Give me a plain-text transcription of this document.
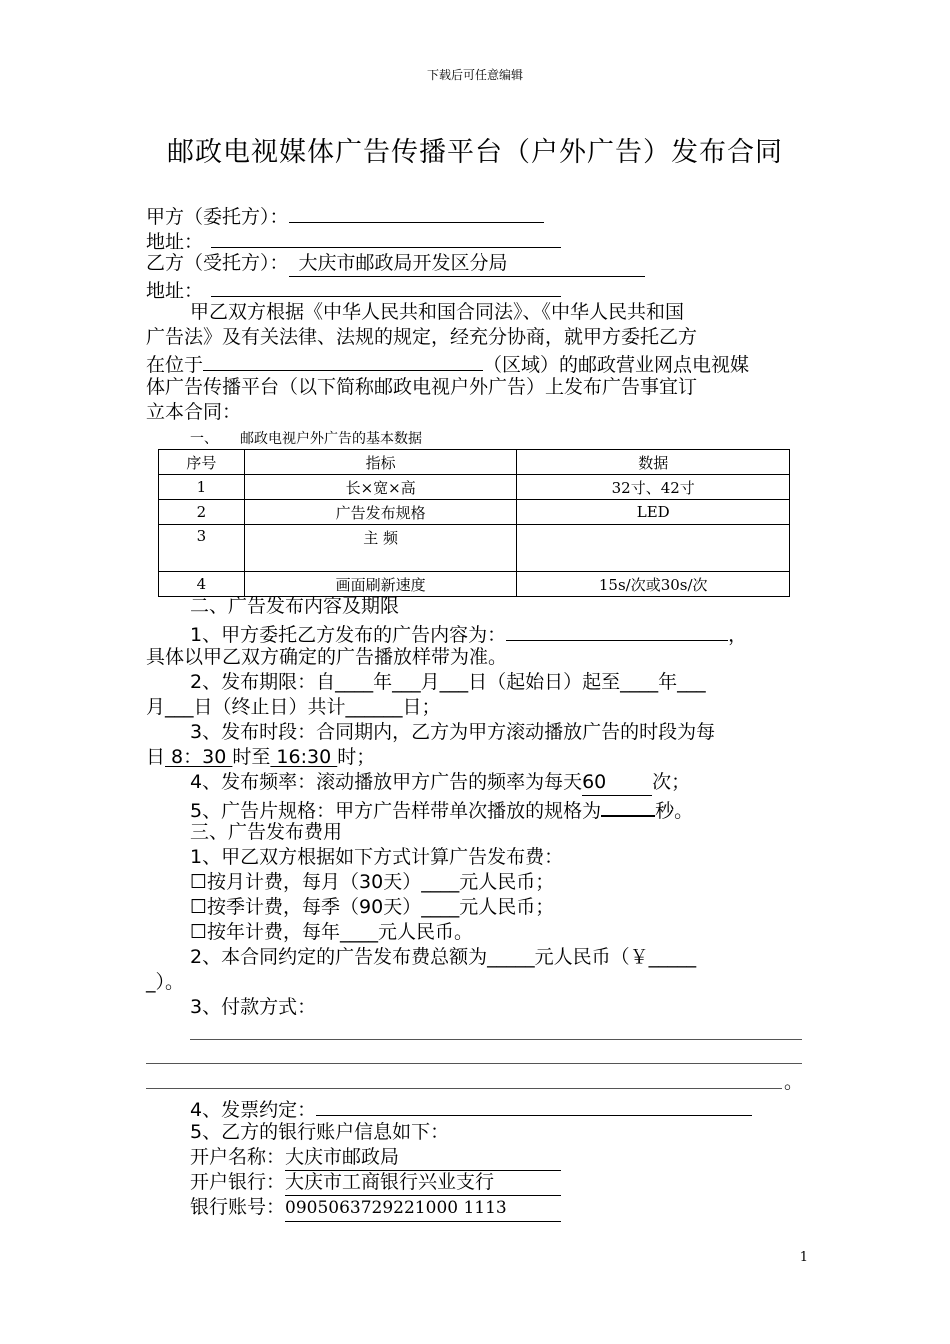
下载后可任意编辑
邮政电视媒体广告传播平台（户外广告）发布合同
甲方（委托方）：
地址：
乙方（受托方）： 大庆市邮政局开发区分局
地址：
甲乙双方根据《中华人民共和国合同法》、《中华人民共和国
广告法》及有关法律、法规的规定，经充分协商，就甲方委托乙方
在位于	（区域）的邮政营业网点电视媒
体广告传播平台（以下简称邮政电视户外广告）上发布广告事宜订
立本合同：
一、 邮政电视户外广告的基本数据
序号	指标	数据
1	长×宽×高	32寸、42寸
2	广告发布规格	LED
3	主 频	
4	画面刷新速度	15s/次或30s/次
二、广告发布内容及期限
1、甲方委托乙方发布的广告内容为：	，
具体以甲乙双方确定的广告播放样带为准。
2、发布期限：自____年___月___日（起始日）起至____年___
月___日（终止日）共计______日；
3、发布时段：合同期内，乙方为甲方滚动播放广告的时段为每
日 8：30 时至 16:30 时；
4、发布频率：滚动播放甲方广告的频率为每天60次；
5、广告片规格：甲方广告样带单次播放的规格为	秒。
三、广告发布费用
1、甲乙双方根据如下方式计算广告发布费：
☐按月计费，每月（30天）____元人民币；
☐按季计费，每季（90天）____元人民币；
☐按年计费，每年____元人民币。
2、本合同约定的广告发布费总额为_____元人民币（￥_____
_）。
3、付款方式：
。
4、发票约定：
5、乙方的银行账户信息如下：
开户名称：大庆市邮政局
开户银行：大庆市工商银行兴业支行
银行账号：0905063729221000 1113
1
